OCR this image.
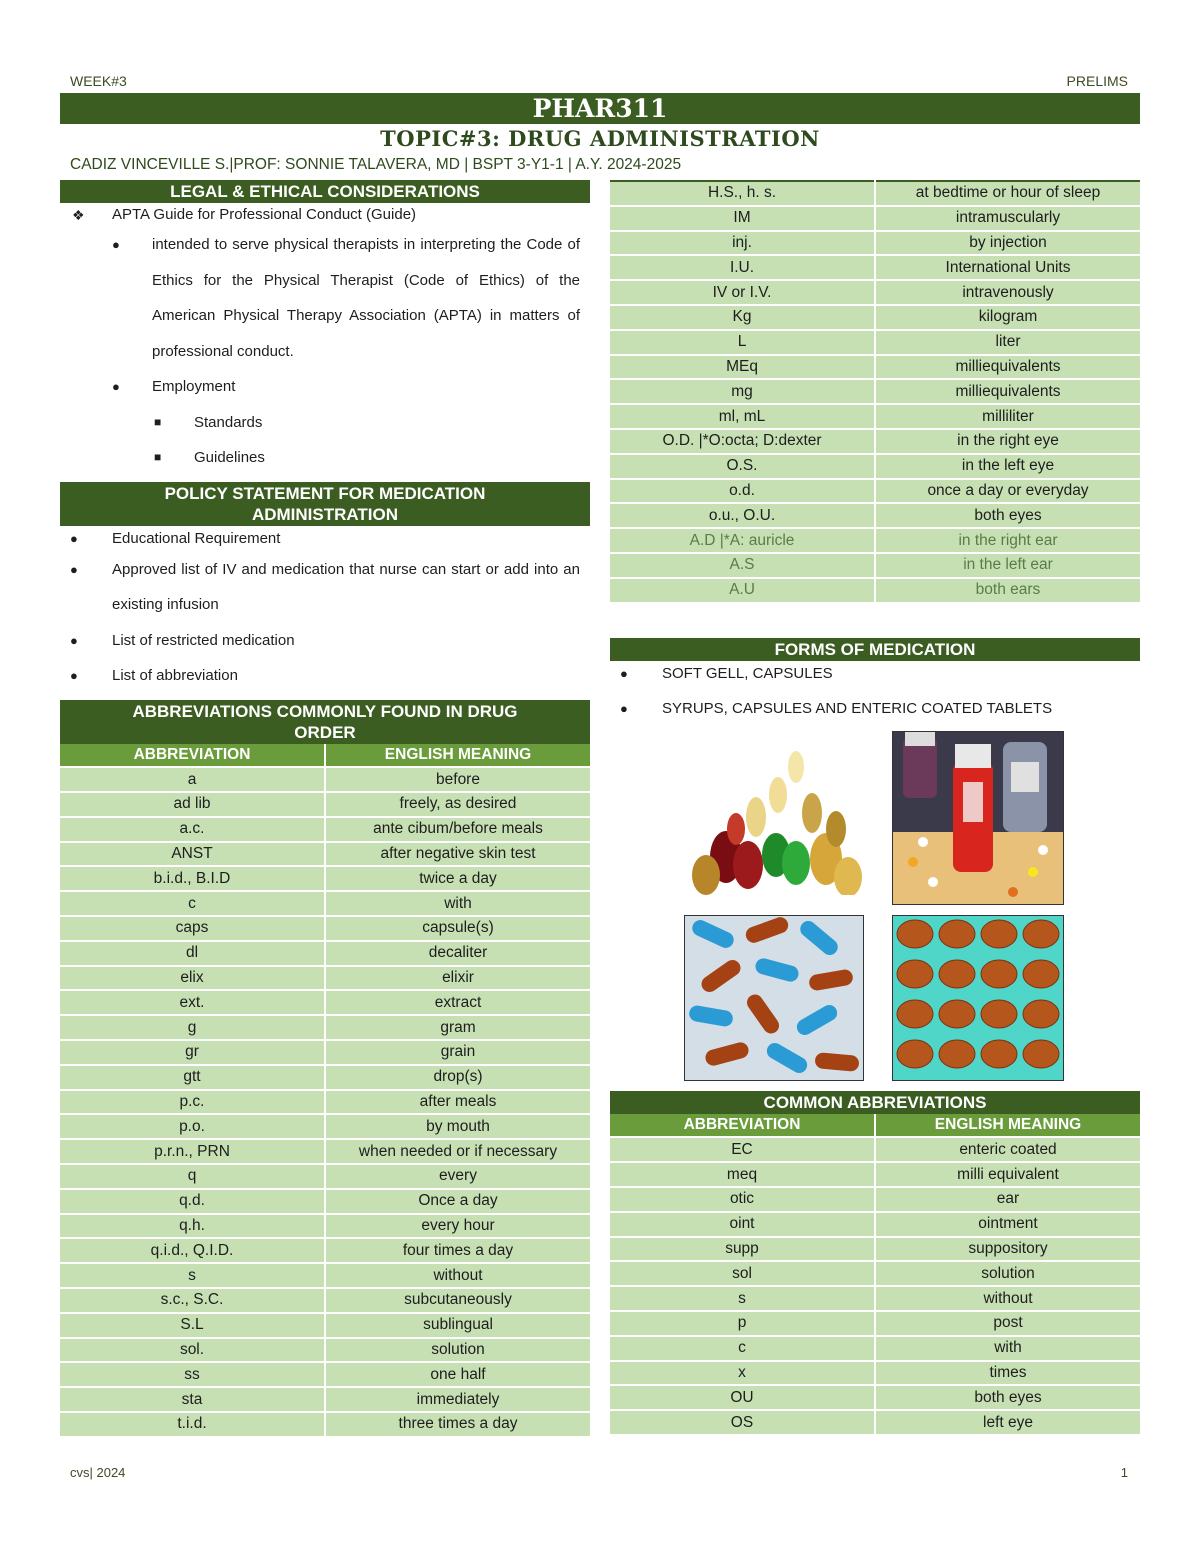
WEEK#3	PRELIMS
PHAR311
TOPIC#3: DRUG ADMINISTRATION
CADIZ VINCEVILLE S.|PROF: SONNIE TALAVERA, MD | BSPT 3-Y1-1 | A.Y. 2024-2025
LEGAL & ETHICAL CONSIDERATIONS
❖ APTA Guide for Professional Conduct (Guide)
● intended to serve physical therapists in interpreting the Code of Ethics for the Physical Therapist (Code of Ethics) of the American Physical Therapy Association (APTA) in matters of professional conduct.
● Employment
■ Standards
■ Guidelines
POLICY STATEMENT FOR MEDICATION
ADMINISTRATION
● Educational Requirement
● Approved list of IV and medication that nurse can start or add into an existing infusion
● List of restricted medication
● List of abbreviation
ABBREVIATIONS COMMONLY FOUND IN DRUG
ORDER
ABBREVIATION	ENGLISH MEANING
a	before
ad lib	freely, as desired
a.c.	ante cibum/before meals
ANST	after negative skin test
b.i.d., B.I.D	twice a day
c	with
caps	capsule(s)
dl	decaliter
elix	elixir
ext.	extract
g	gram
gr	grain
gtt	drop(s)
p.c.	after meals
p.o.	by mouth
p.r.n., PRN	when needed or if necessary
q	every
q.d.	Once a day
q.h.	every hour
q.i.d., Q.I.D.	four times a day
s	without
s.c., S.C.	subcutaneously
S.L	sublingual
sol.	solution
ss	one half
sta	immediately
t.i.d.	three times a day
H.S., h. s.	at bedtime or hour of sleep
IM	intramuscularly
inj.	by injection
I.U.	International Units
IV or I.V.	intravenously
Kg	kilogram
L	liter
MEq	milliequivalents
mg	milliequivalents
ml, mL	milliliter
O.D. |*O:octa; D:dexter	in the right eye
O.S.	in the left eye
o.d.	once a day or everyday
o.u., O.U.	both eyes
A.D |*A: auricle	in the right ear
A.S	in the left ear
A.U	both ears
FORMS OF MEDICATION
● SOFT GELL, CAPSULES
● SYRUPS, CAPSULES AND ENTERIC COATED TABLETS
COMMON ABBREVIATIONS
ABBREVIATION	ENGLISH MEANING
EC	enteric coated
meq	milli equivalent
otic	ear
oint	ointment
supp	suppository
sol	solution
s	without
p	post
c	with
x	times
OU	both eyes
OS	left eye
cvs| 2024	1
